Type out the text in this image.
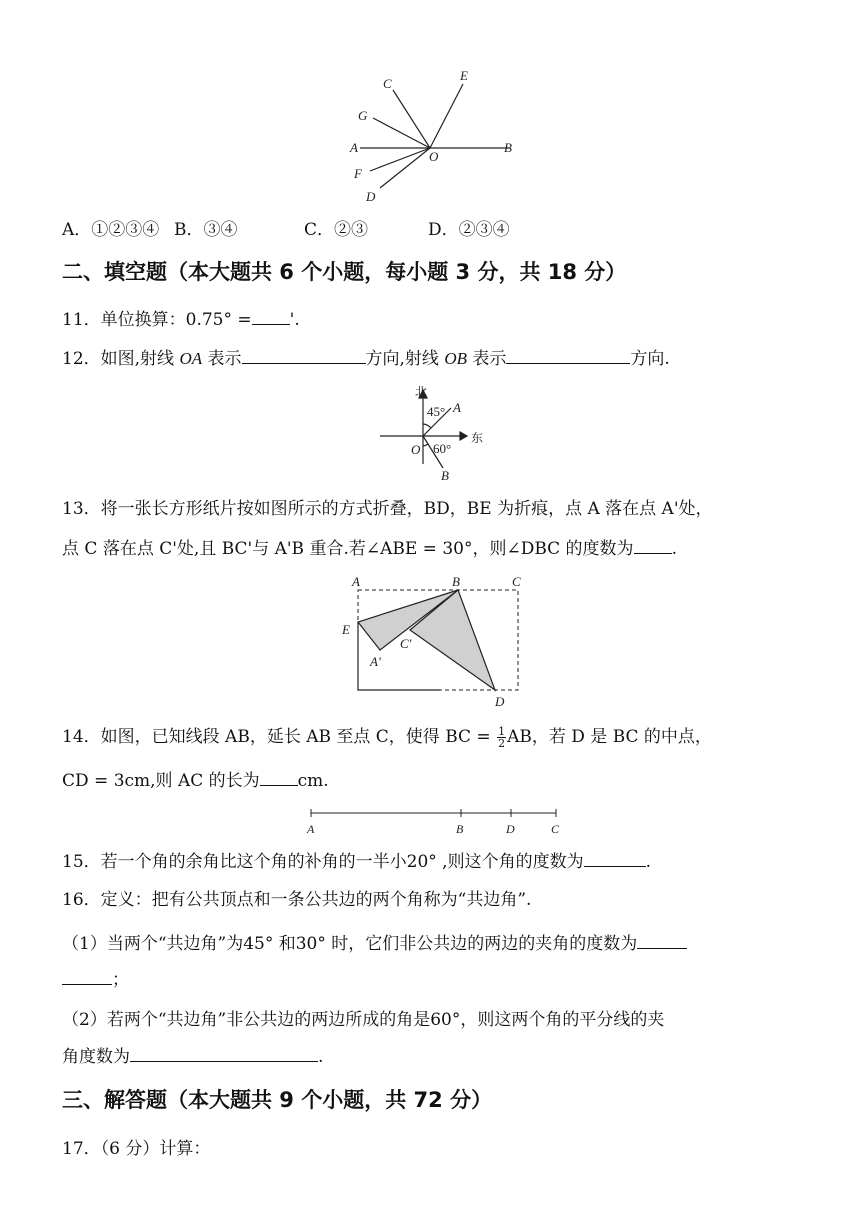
C
E
G
A
O
B
F
D
A．①②③④ B．③④	C．②③	D．②③④
二、填空题（本大题共 6 个小题，每小题 3 分，共 18 分）
11．单位换算：0.75° = '.
12．如图,射线 OA 表示	方向,射线 OB 表示	方向.
北
45° A
东
O 60°
B
13．将一张长方形纸片按如图所示的方式折叠，BD，BE 为折痕，点 A 落在点 A'处，
点 C 落在点 C'处,且 BC'与 A'B 重合.若∠ABE = 30°，则∠DBC 的度数为 .
A	B	C
E
A'
C'
D
14．如图，已知线段 AB，延长 AB 至点 C，使得 BC = $\frac{1}{2}$ AB，若 D 是 BC 的中点，
CD = 3cm,则 AC 的长为 cm.
A	B	D	C
15．若一个角的余角比这个角的补角的一半小20° ,则这个角的度数为	.
16．定义：把有公共顶点和一条公共边的两个角称为“共边角”.
（1）当两个“共边角”为45° 和30° 时，它们非公共边的两边的夹角的度数为
；
（2）若两个“共边角”非公共边的两边所成的角是60°，则这两个角的平分线的夹
角度数为	.
三、解答题（本大题共 9 个小题，共 72 分）
17．（6 分）计算：
